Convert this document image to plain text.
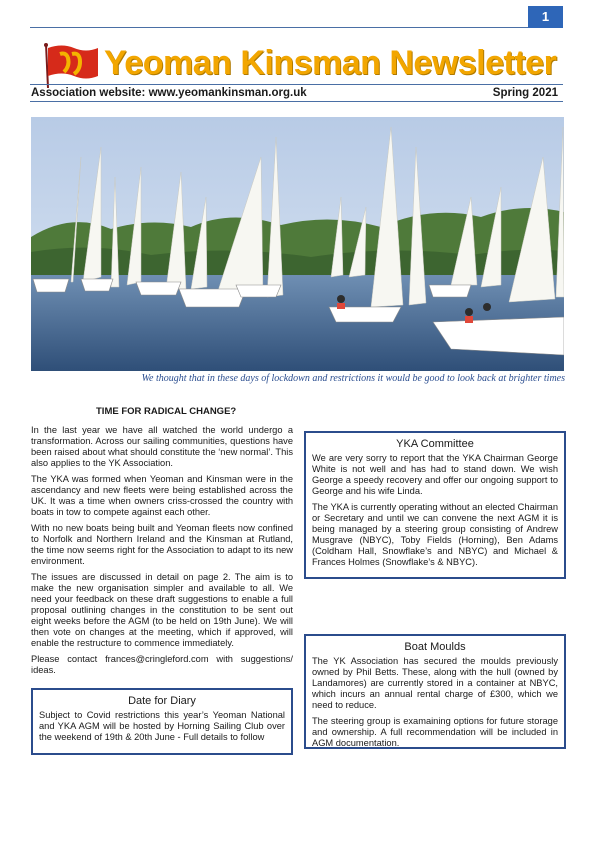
1
Yeoman Kinsman Newsletter
Association website: www.yeomankinsman.org.uk	Spring 2021
We thought that in these days of lockdown and restrictions it would be good to look back at brighter times
TIME FOR RADICAL CHANGE?

In the last year we have all watched the world undergo a transformation. Across our sailing communities, questions have been raised about what should constitute the ‘new normal’. This also applies to the YK Association.

The YKA was formed when Yeoman and Kinsman were in the ascendancy and new fleets were being established across the UK. It was a time when owners criss-crossed the country with boats in tow to compete against each other.

With no new boats being built and Yeoman fleets now confined to Norfolk and Northern Ireland and the Kinsman at Rutland, the time now seems right for the Association to adapt to its new environment.

The issues are discussed in detail on page 2. The aim is to make the new organisation simpler and available to all. We need your feedback on these draft suggestions to enable a full proposal outlining changes in the constitution to be sent out eight weeks before the AGM (to be held on 19th June). We will then vote on changes at the meeting, which if approved, will enable the restructure to commence immediately.

Please contact frances@cringleford.com with suggestions/ ideas.

Date for Diary

Subject to Covid restrictions this year’s Yeoman National and YKA AGM will be hosted by Horning Sailing Club over the weekend of 19th & 20th June - Full details to follow

YKA Committee

We are very sorry to report that the YKA Chairman George White is not well and has had to stand down. We wish George a speedy recovery and offer our ongoing support to George and his wife Linda.

The YKA is currently operating without an elected Chairman or Secretary and until we can convene the next AGM it is being managed by a steering group consisting of Andrew Musgrave (NBYC), Toby Fields (Horning), Ben Adams (Coldham Hall, Snowflake’s and NBYC) and Michael & Frances Holmes (Snowflake’s & NBYC).

Boat Moulds

The YK Association has secured the moulds previously owned by Phil Betts. These, along with the hull (owned by Landamores) are currently stored in a container at NBYC, which incurs an annual rental charge of £300, which we need to reduce.

The steering group is examaining options for future storage and ownership. A full recommendation will be included in AGM documentation.
